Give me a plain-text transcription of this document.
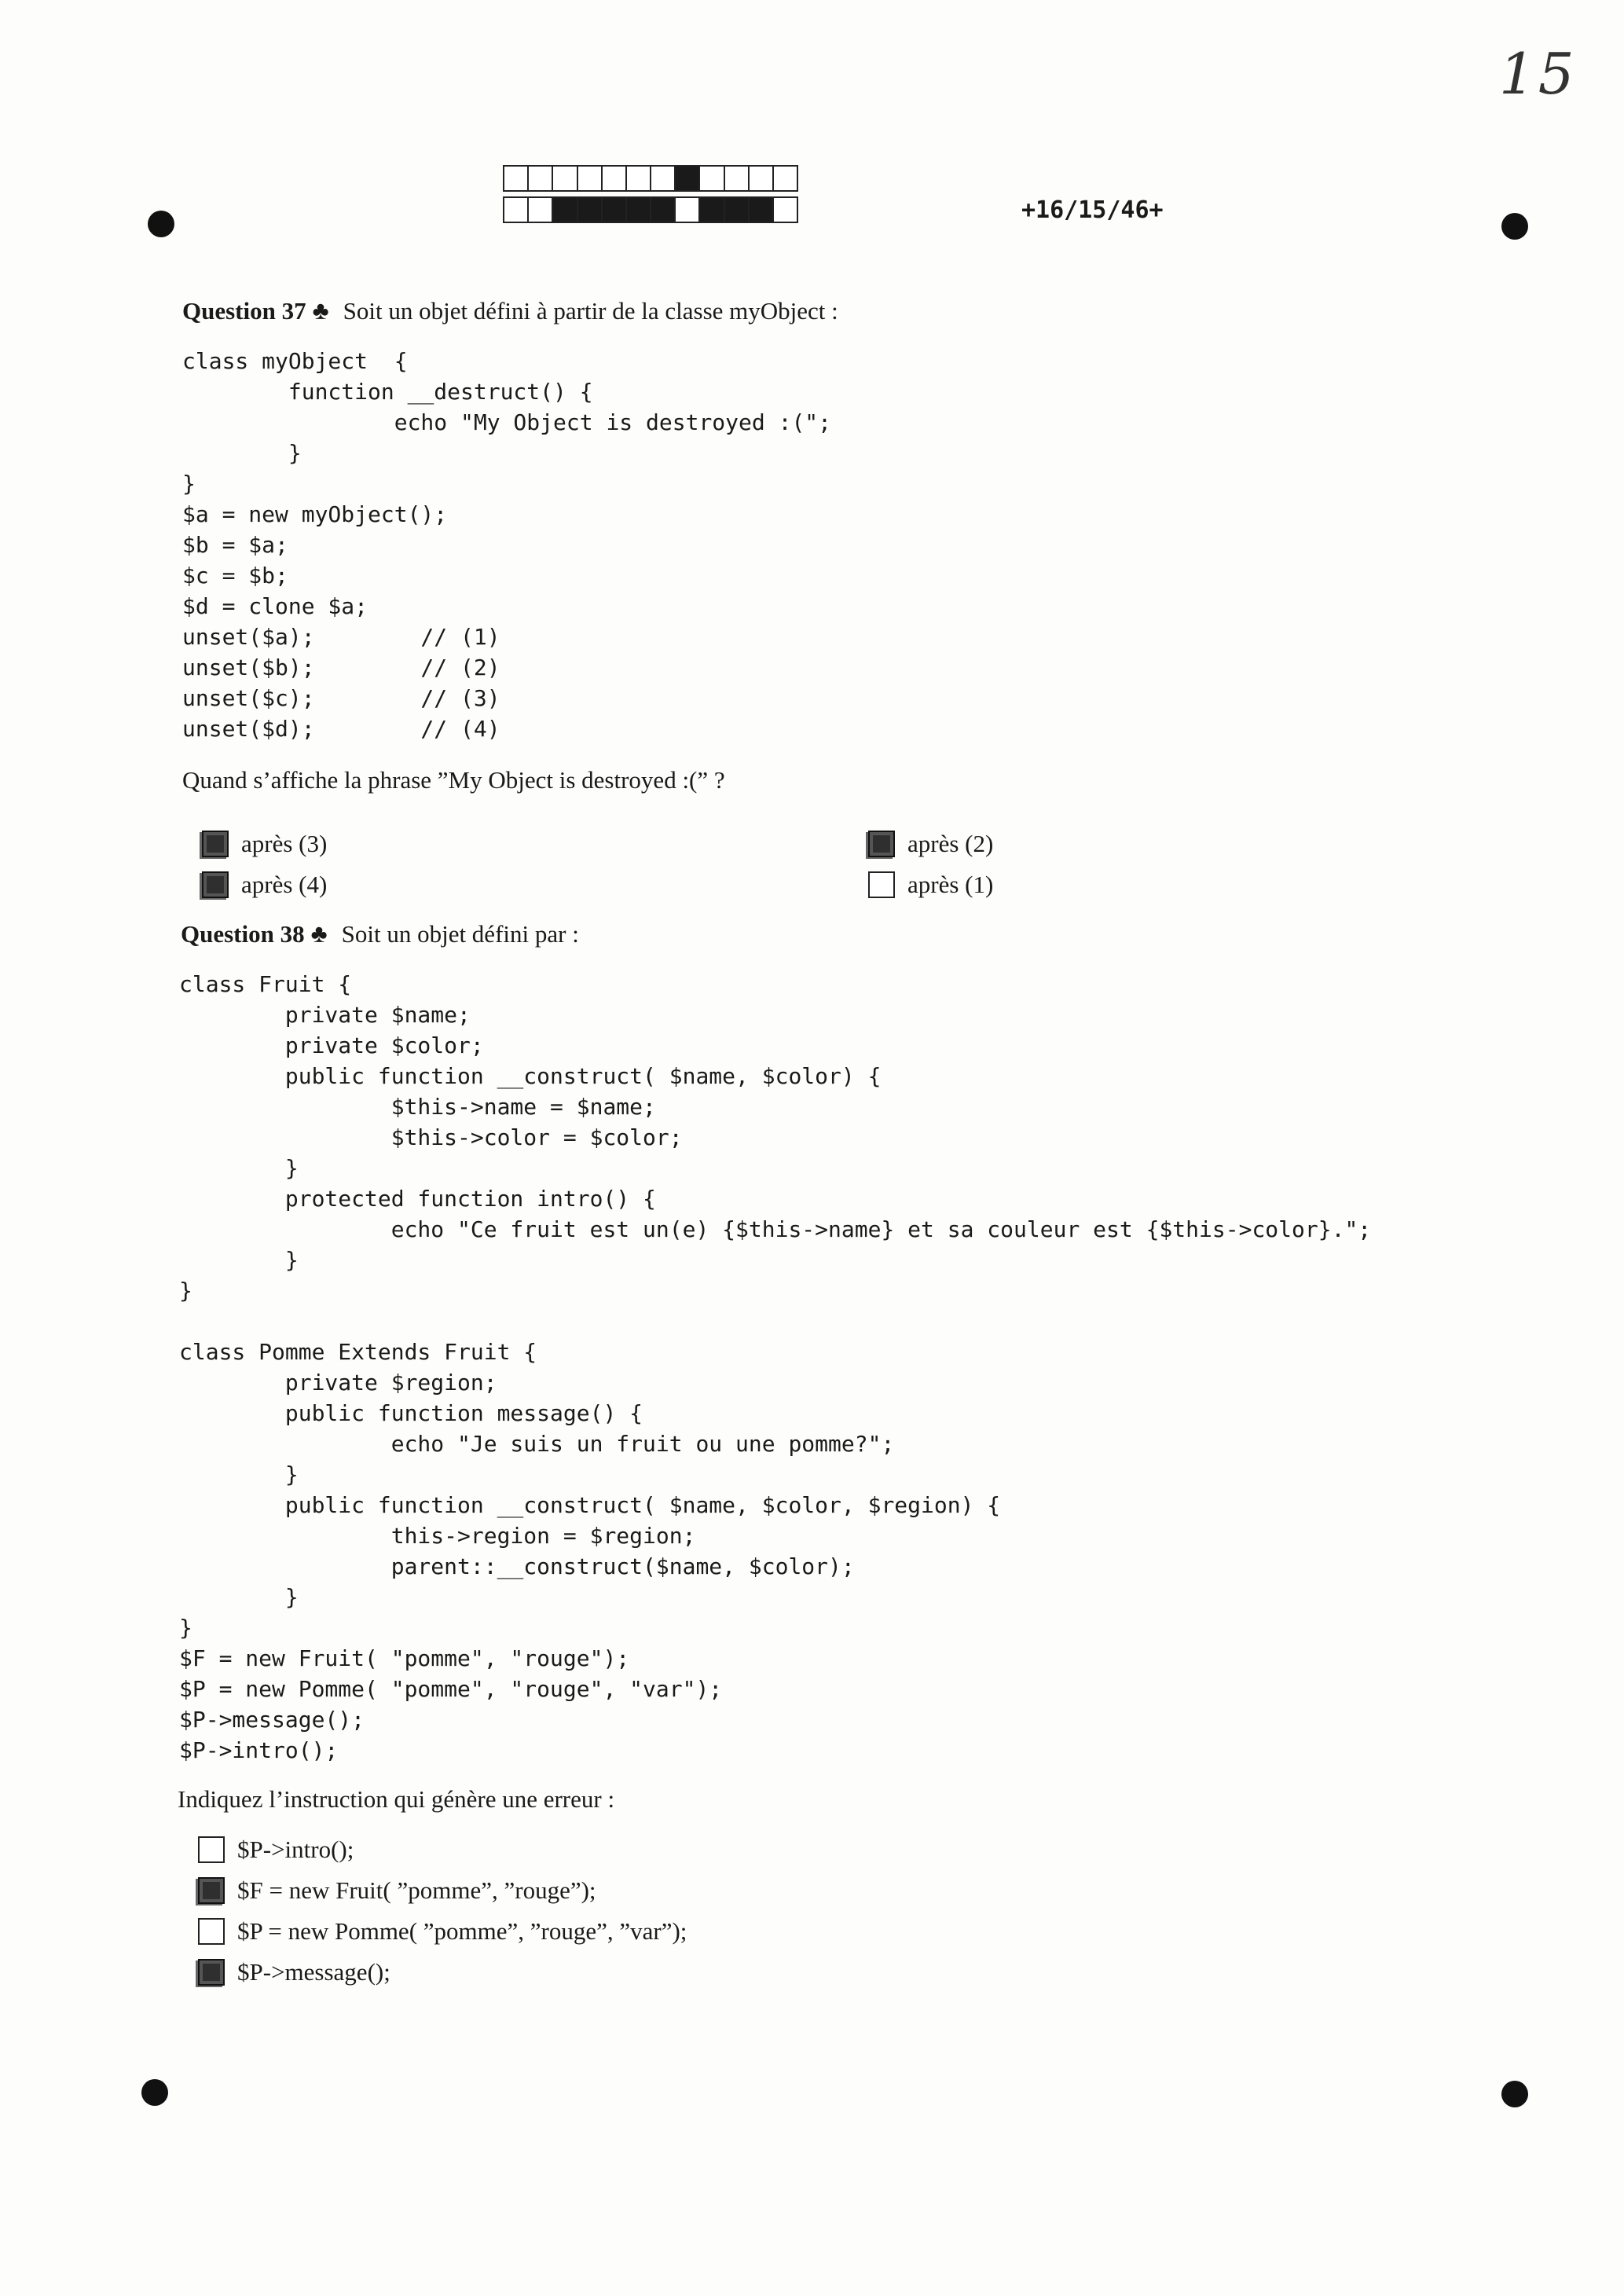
15
+16/15/46+
Question 37 ♣ Soit un objet défini à partir de la classe myObject :
class myObject  {
function __destruct() {
echo "My Object is destroyed :(";
}
}
$a = new myObject();
$b = $a;
$c = $b;
$d = clone $a;
unset($a);        // (1)
unset($b);        // (2)
unset($c);        // (3)
unset($d);        // (4)
Quand s’affiche la phrase ”My Object is destroyed :(” ?
après (3)
après (4)
après (2)
après (1)
Question 38 ♣ Soit un objet défini par :
class Fruit {
private $name;
private $color;
public function __construct( $name, $color) {
$this->name = $name;
$this->color = $color;
}
protected function intro() {
echo "Ce fruit est un(e) {$this->name} et sa couleur est {$this->color}.";
}
}

class Pomme Extends Fruit {
private $region;
public function message() {
echo "Je suis un fruit ou une pomme?";
}
public function __construct( $name, $color, $region) {
this->region = $region;
parent::__construct($name, $color);
}
}
$F = new Fruit( "pomme", "rouge");
$P = new Pomme( "pomme", "rouge", "var");
$P->message();
$P->intro();
Indiquez l’instruction qui génère une erreur :
$P->intro();
$F = new Fruit( ”pomme”, ”rouge”);
$P = new Pomme( ”pomme”, ”rouge”, ”var”);
$P->message();
